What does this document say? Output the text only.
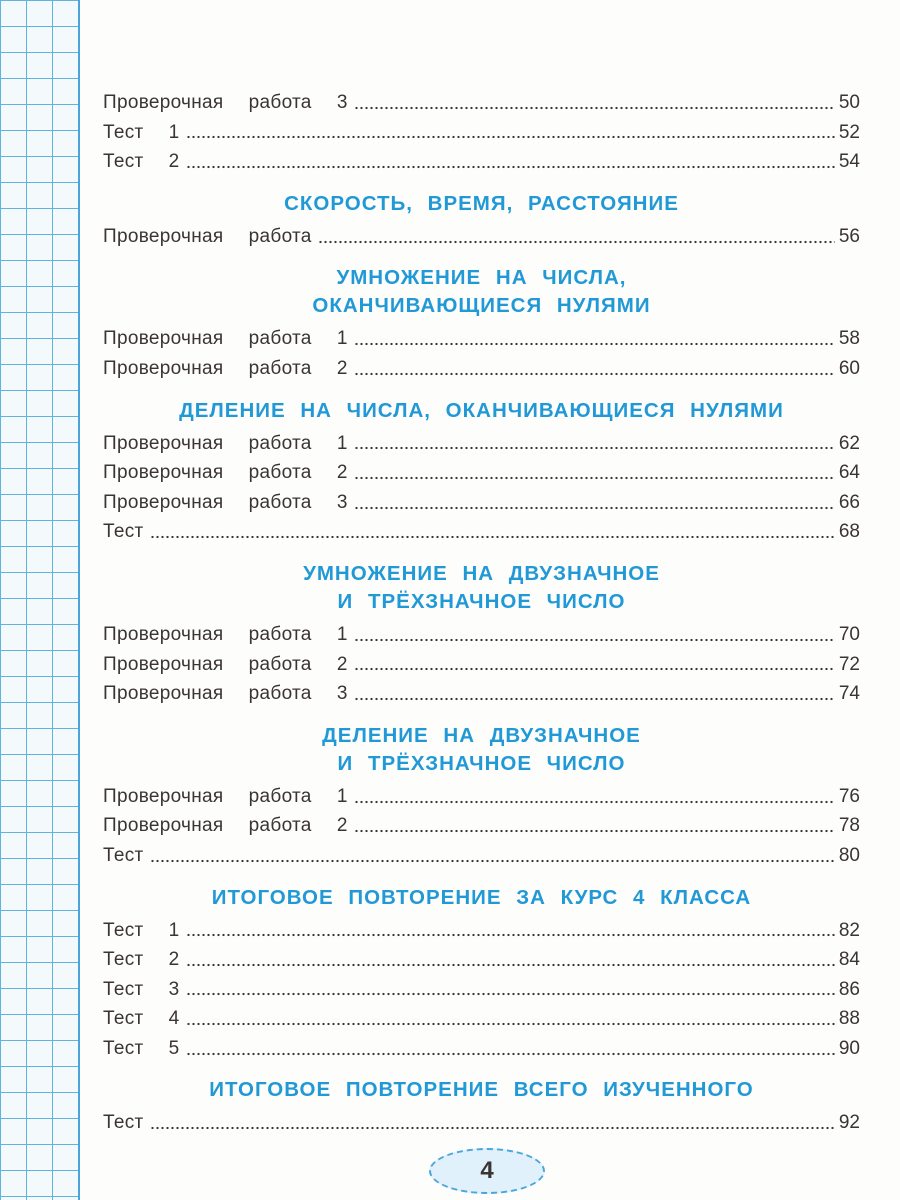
Проверочная  работа  3	50
Тест  1	52
Тест  2	54
СКОРОСТЬ, ВРЕМЯ, РАССТОЯНИЕ
Проверочная  работа	56
УМНОЖЕНИЕ НА ЧИСЛА,
ОКАНЧИВАЮЩИЕСЯ НУЛЯМИ
Проверочная  работа  1	58
Проверочная  работа  2	60
ДЕЛЕНИЕ НА ЧИСЛА, ОКАНЧИВАЮЩИЕСЯ НУЛЯМИ
Проверочная  работа  1	62
Проверочная  работа  2	64
Проверочная  работа  3	66
Тест	68
УМНОЖЕНИЕ НА ДВУЗНАЧНОЕ
И ТРЁХЗНАЧНОЕ ЧИСЛО
Проверочная  работа  1	70
Проверочная  работа  2	72
Проверочная  работа  3	74
ДЕЛЕНИЕ НА ДВУЗНАЧНОЕ
И ТРЁХЗНАЧНОЕ ЧИСЛО
Проверочная  работа  1	76
Проверочная  работа  2	78
Тест	80
ИТОГОВОЕ ПОВТОРЕНИЕ ЗА КУРС 4 КЛАССА
Тест  1	82
Тест  2	84
Тест  3	86
Тест  4	88
Тест  5	90
ИТОГОВОЕ ПОВТОРЕНИЕ ВСЕГО ИЗУЧЕННОГО
Тест	92
4
